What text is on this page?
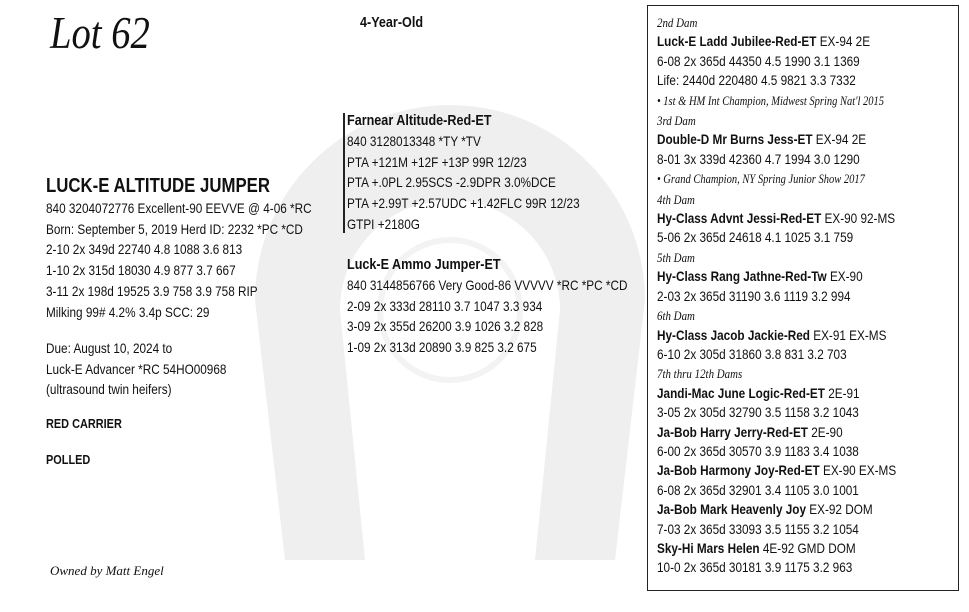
Lot 62	4-Year-Old
LUCK-E ALTITUDE JUMPER
840 3204072776 Excellent-90 EEVVE @ 4-06 *RC
Born: September 5, 2019 Herd ID: 2232 *PC *CD
2-10 2x 349d 22740 4.8 1088 3.6 813
1-10 2x 315d 18030 4.9 877 3.7 667
3-11 2x 198d 19525 3.9 758 3.9 758 RIP
Milking 99# 4.2% 3.4p SCC: 29
Due: August 10, 2024 to
Luck-E Advancer *RC 54HO00968
(ultrasound twin heifers)
RED CARRIER
POLLED
Owned by Matt Engel
Farnear Altitude-Red-ET
840 3128013348 *TY *TV
PTA +121M +12F +13P 99R 12/23
PTA +.0PL 2.95SCS -2.9DPR 3.0%DCE
PTA +2.99T +2.57UDC +1.42FLC 99R 12/23
GTPI +2180G
Luck-E Ammo Jumper-ET
840 3144856766 Very Good-86 VVVVV *RC *PC *CD
2-09 2x 333d 28110 3.7 1047 3.3 934
3-09 2x 355d 26200 3.9 1026 3.2 828
1-09 2x 313d 20890 3.9 825 3.2 675
2nd Dam
Luck-E Ladd Jubilee-Red-ET EX-94 2E
6-08 2x 365d 44350 4.5 1990 3.1 1369
Life: 2440d 220480 4.5 9821 3.3 7332
• 1st & HM Int Champion, Midwest Spring Nat'l 2015
3rd Dam
Double-D Mr Burns Jess-ET EX-94 2E
8-01 3x 339d 42360 4.7 1994 3.0 1290
• Grand Champion, NY Spring Junior Show 2017
4th Dam
Hy-Class Advnt Jessi-Red-ET EX-90 92-MS
5-06 2x 365d 24618 4.1 1025 3.1 759
5th Dam
Hy-Class Rang Jathne-Red-Tw EX-90
2-03 2x 365d 31190 3.6 1119 3.2 994
6th Dam
Hy-Class Jacob Jackie-Red EX-91 EX-MS
6-10 2x 305d 31860 3.8 831 3.2 703
7th thru 12th Dams
Jandi-Mac June Logic-Red-ET 2E-91
3-05 2x 305d 32790 3.5 1158 3.2 1043
Ja-Bob Harry Jerry-Red-ET 2E-90
6-00 2x 365d 30570 3.9 1183 3.4 1038
Ja-Bob Harmony Joy-Red-ET EX-90 EX-MS
6-08 2x 365d 32901 3.4 1105 3.0 1001
Ja-Bob Mark Heavenly Joy EX-92 DOM
7-03 2x 365d 33093 3.5 1155 3.2 1054
Sky-Hi Mars Helen 4E-92 GMD DOM
10-0 2x 365d 30181 3.9 1175 3.2 963
